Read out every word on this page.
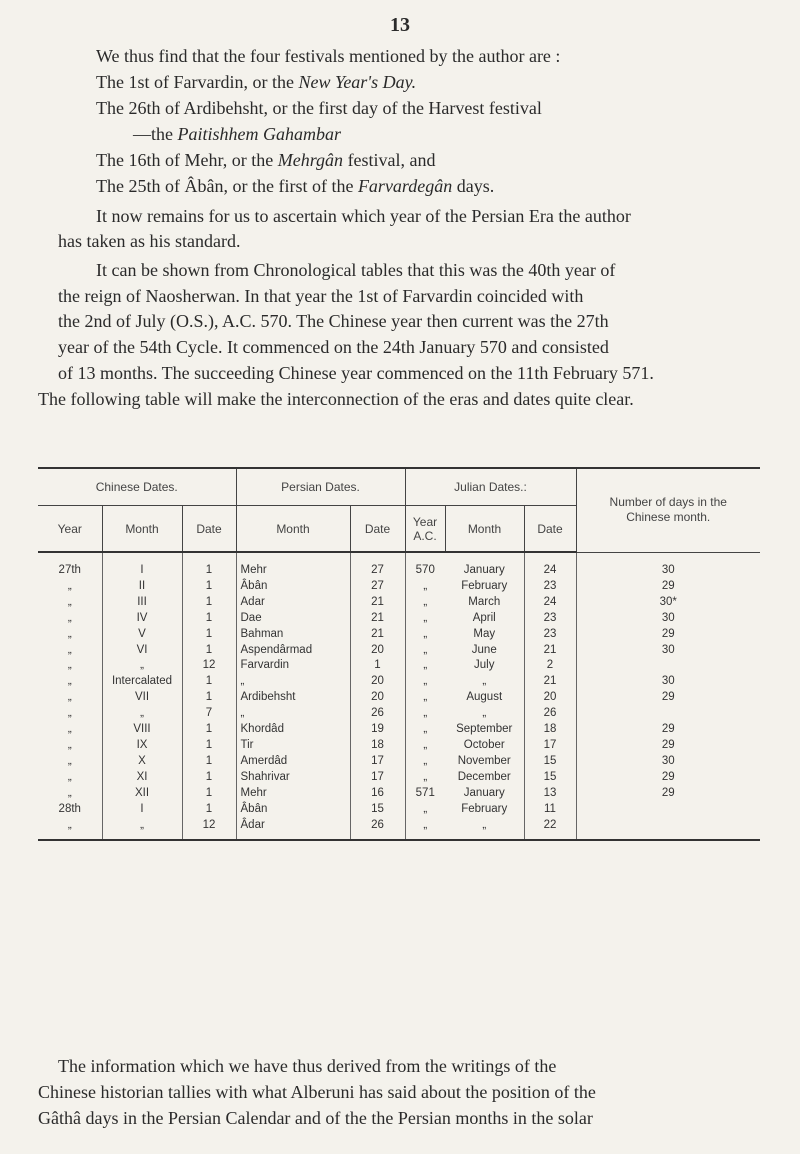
13
We thus find that the four festivals mentioned by the author are :
The 1st of Farvardin, or the New Year's Day.
The 26th of Ardibehsht, or the first day of the Harvest festival
—the Paitishhem Gahambar
The 16th of Mehr, or the Mehrgân festival, and
The 25th of Âbân, or the first of the Farvardegân days.
It now remains for us to ascertain which year of the Persian Era the author
has taken as his standard.
It can be shown from Chronological tables that this was the 40th year of
the reign of Naosherwan. In that year the 1st of Farvardin coincided with
the 2nd of July (O.S.), A.C. 570. The Chinese year then current was the 27th
year of the 54th Cycle. It commenced on the 24th January 570 and consisted
of 13 months. The succeeding Chinese year commenced on the 11th February 571.
The following table will make the interconnection of the eras and dates quite clear.
Chinese Dates.			Persian Dates.		Julian Dates.:			Number of days in the Chinese month.
Year	Month	Date	Month	Date	Year A.C.	Month	Date	
27th	I	1	Mehr	27	570	January	24	30
„	II	1	Âbân	27	„	February	23	29
„	III	1	Adar	21	„	March	24	30*
„	IV	1	Dae	21	„	April	23	30
„	V	1	Bahman	21	„	May	23	29
„	VI	1	Aspendârmad	20	„	June	21	30
„	„	12	Farvardin	1	„	July	2	
„	Intercalated	1	„	20	„	„	21	30
„	VII	1	Ardibehsht	20	„	August	20	29
„	„	7	„	26	„	„	26	
„	VIII	1	Khordâd	19	„	September	18	29
„	IX	1	Tir	18	„	October	17	29
„	X	1	Amerdâd	17	„	November	15	30
„	XI	1	Shahrivar	17	„	December	15	29
„	XII	1	Mehr	16	571	January	13	29
28th	I	1	Âbân	15	„	February	11	
„	„	12	Âdar	26	„	„	22	
The information which we have thus derived from the writings of the
Chinese historian tallies with what Alberuni has said about the position of the
Gâthâ days in the Persian Calendar and of the the Persian months in the solar
